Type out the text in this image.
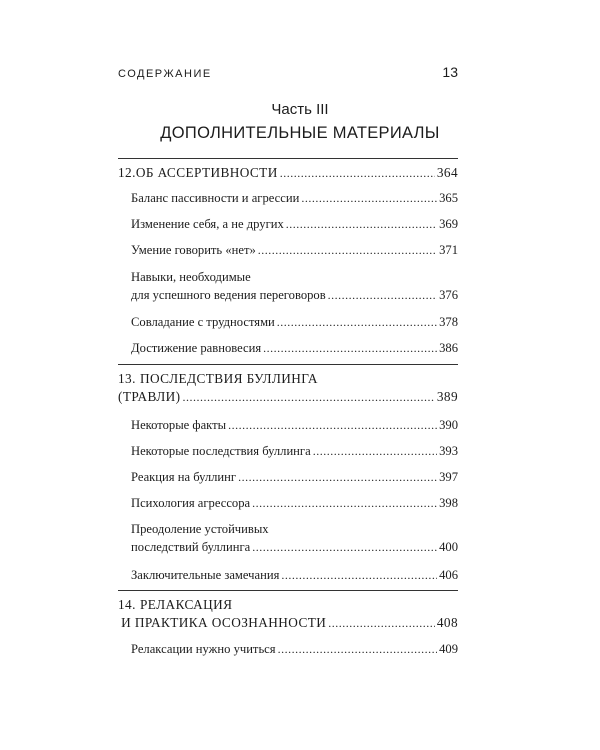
СОДЕРЖАНИЕ	13
Часть III
ДОПОЛНИТЕЛЬНЫЕ МАТЕРИАЛЫ
12. ОБ АССЕРТИВНОСТИ .....	364
Баланс пассивности и агрессии .....	365
Изменение себя, а не других .....	369
Умение говорить «нет» .....	371
Навыки, необходимые
для успешного ведения переговоров .....	376
Совладание с трудностями .....	378
Достижение равновесия .....	386
13. ПОСЛЕДСТВИЯ БУЛЛИНГА
(ТРАВЛИ) .....	389
Некоторые факты .....	390
Некоторые последствия буллинга .....	393
Реакция на буллинг .....	397
Психология агрессора .....	398
Преодоление устойчивых
последствий буллинга .....	400
Заключительные замечания .....	406
14. РЕЛАКСАЦИЯ
И ПРАКТИКА ОСОЗНАННОСТИ .....	408
Релаксации нужно учиться .....	409
